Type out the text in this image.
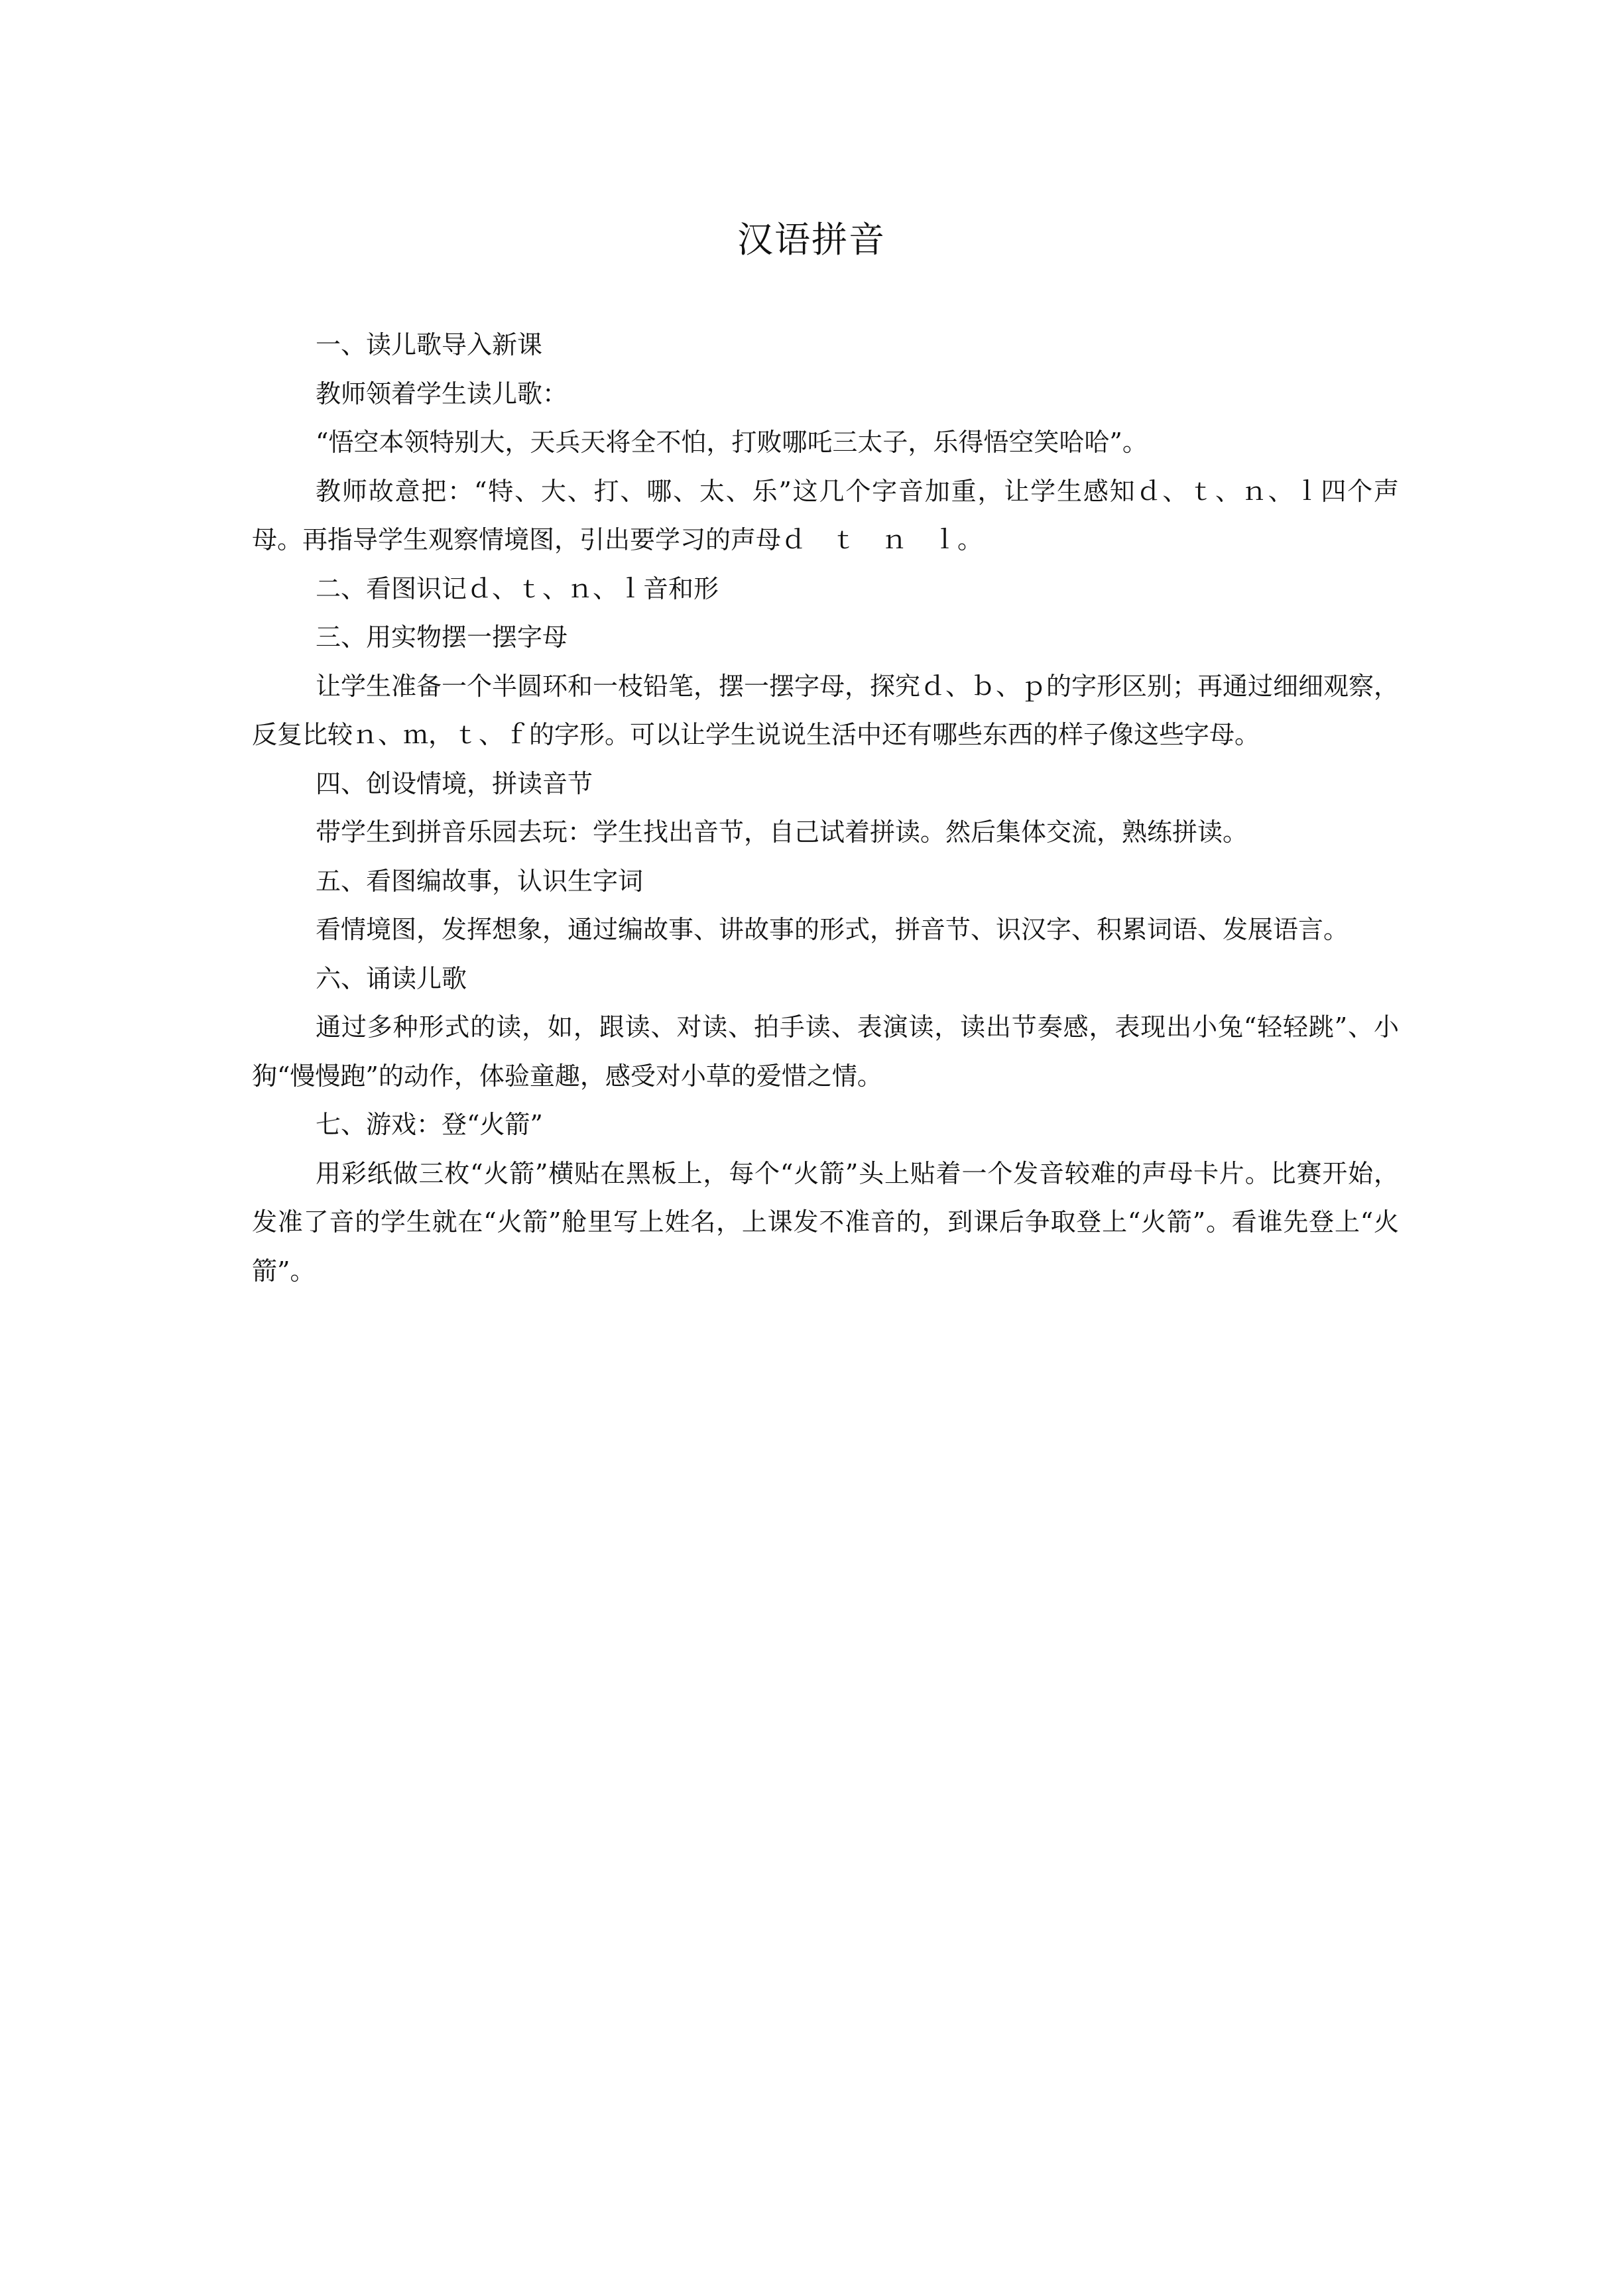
汉语拼音

一、读儿歌导入新课

教师领着学生读儿歌：

“悟空本领特别大，天兵天将全不怕，打败哪吒三太子，乐得悟空笑哈哈”。

教师故意把：“特、大、打、哪、太、乐”这几个字音加重，让学生感知ｄ、ｔ、ｎ、ｌ四个声母。再指导学生观察情境图，引出要学习的声母ｄ　ｔ　ｎ　ｌ。

二、看图识记ｄ、ｔ、ｎ、ｌ音和形

三、用实物摆一摆字母

让学生准备一个半圆环和一枝铅笔，摆一摆字母，探究ｄ、ｂ、ｐ的字形区别；再通过细细观察，反复比较ｎ、ｍ，ｔ、ｆ的字形。可以让学生说说生活中还有哪些东西的样子像这些字母。

四、创设情境，拼读音节

带学生到拼音乐园去玩：学生找出音节，自己试着拼读。然后集体交流，熟练拼读。

五、看图编故事，认识生字词

看情境图，发挥想象，通过编故事、讲故事的形式，拼音节、识汉字、积累词语、发展语言。

六、诵读儿歌

通过多种形式的读，如，跟读、对读、拍手读、表演读，读出节奏感，表现出小兔“轻轻跳”、小狗“慢慢跑”的动作，体验童趣，感受对小草的爱惜之情。

七、游戏：登“火箭”

用彩纸做三枚“火箭”横贴在黑板上，每个“火箭”头上贴着一个发音较难的声母卡片。比赛开始，发准了音的学生就在“火箭”舱里写上姓名，上课发不准音的，到课后争取登上“火箭”。看谁先登上“火箭”。
